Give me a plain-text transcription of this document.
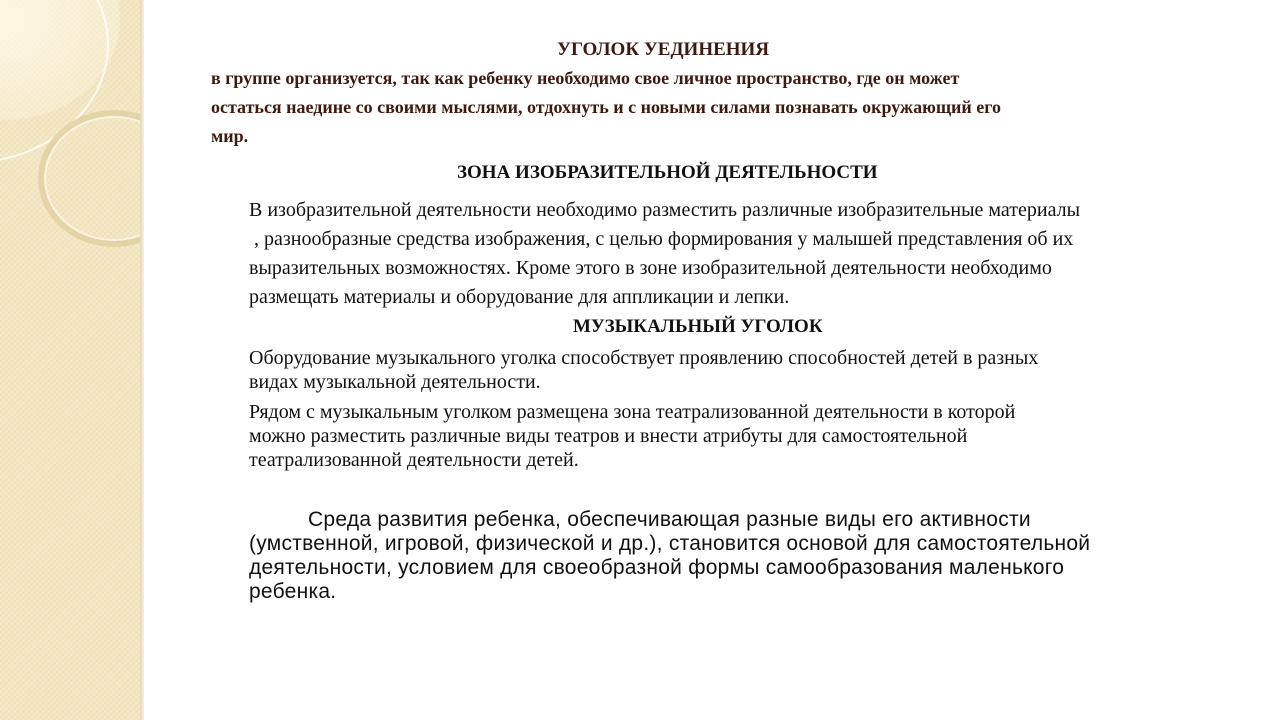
УГОЛОК УЕДИНЕНИЯ

в группе организуется, так как ребенку необходимо свое личное пространство, где он может

остаться наедине со своими мыслями, отдохнуть и с новыми силами познавать окружающий его

мир.

ЗОНА ИЗОБРАЗИТЕЛЬНОЙ ДЕЯТЕЛЬНОСТИ

В изобразительной деятельности необходимо разместить различные изобразительные материалы

, разнообразные средства изображения, с целью формирования у малышей представления об их

выразительных возможностях. Кроме этого в зоне изобразительной деятельности необходимо

размещать материалы и оборудование для аппликации и лепки.

МУЗЫКАЛЬНЫЙ УГОЛОК

Оборудование музыкального уголка способствует проявлению способностей детей в разных

видах музыкальной деятельности.

Рядом с музыкальным уголком размещена зона театрализованной деятельности в которой

можно разместить различные виды театров и внести атрибуты для самостоятельной

театрализованной деятельности детей.

Среда развития ребенка, обеспечивающая разные виды его активности

(умственной, игровой, физической и др.), становится основой для самостоятельной

деятельности, условием для своеобразной формы самообразования маленького

ребенка.
